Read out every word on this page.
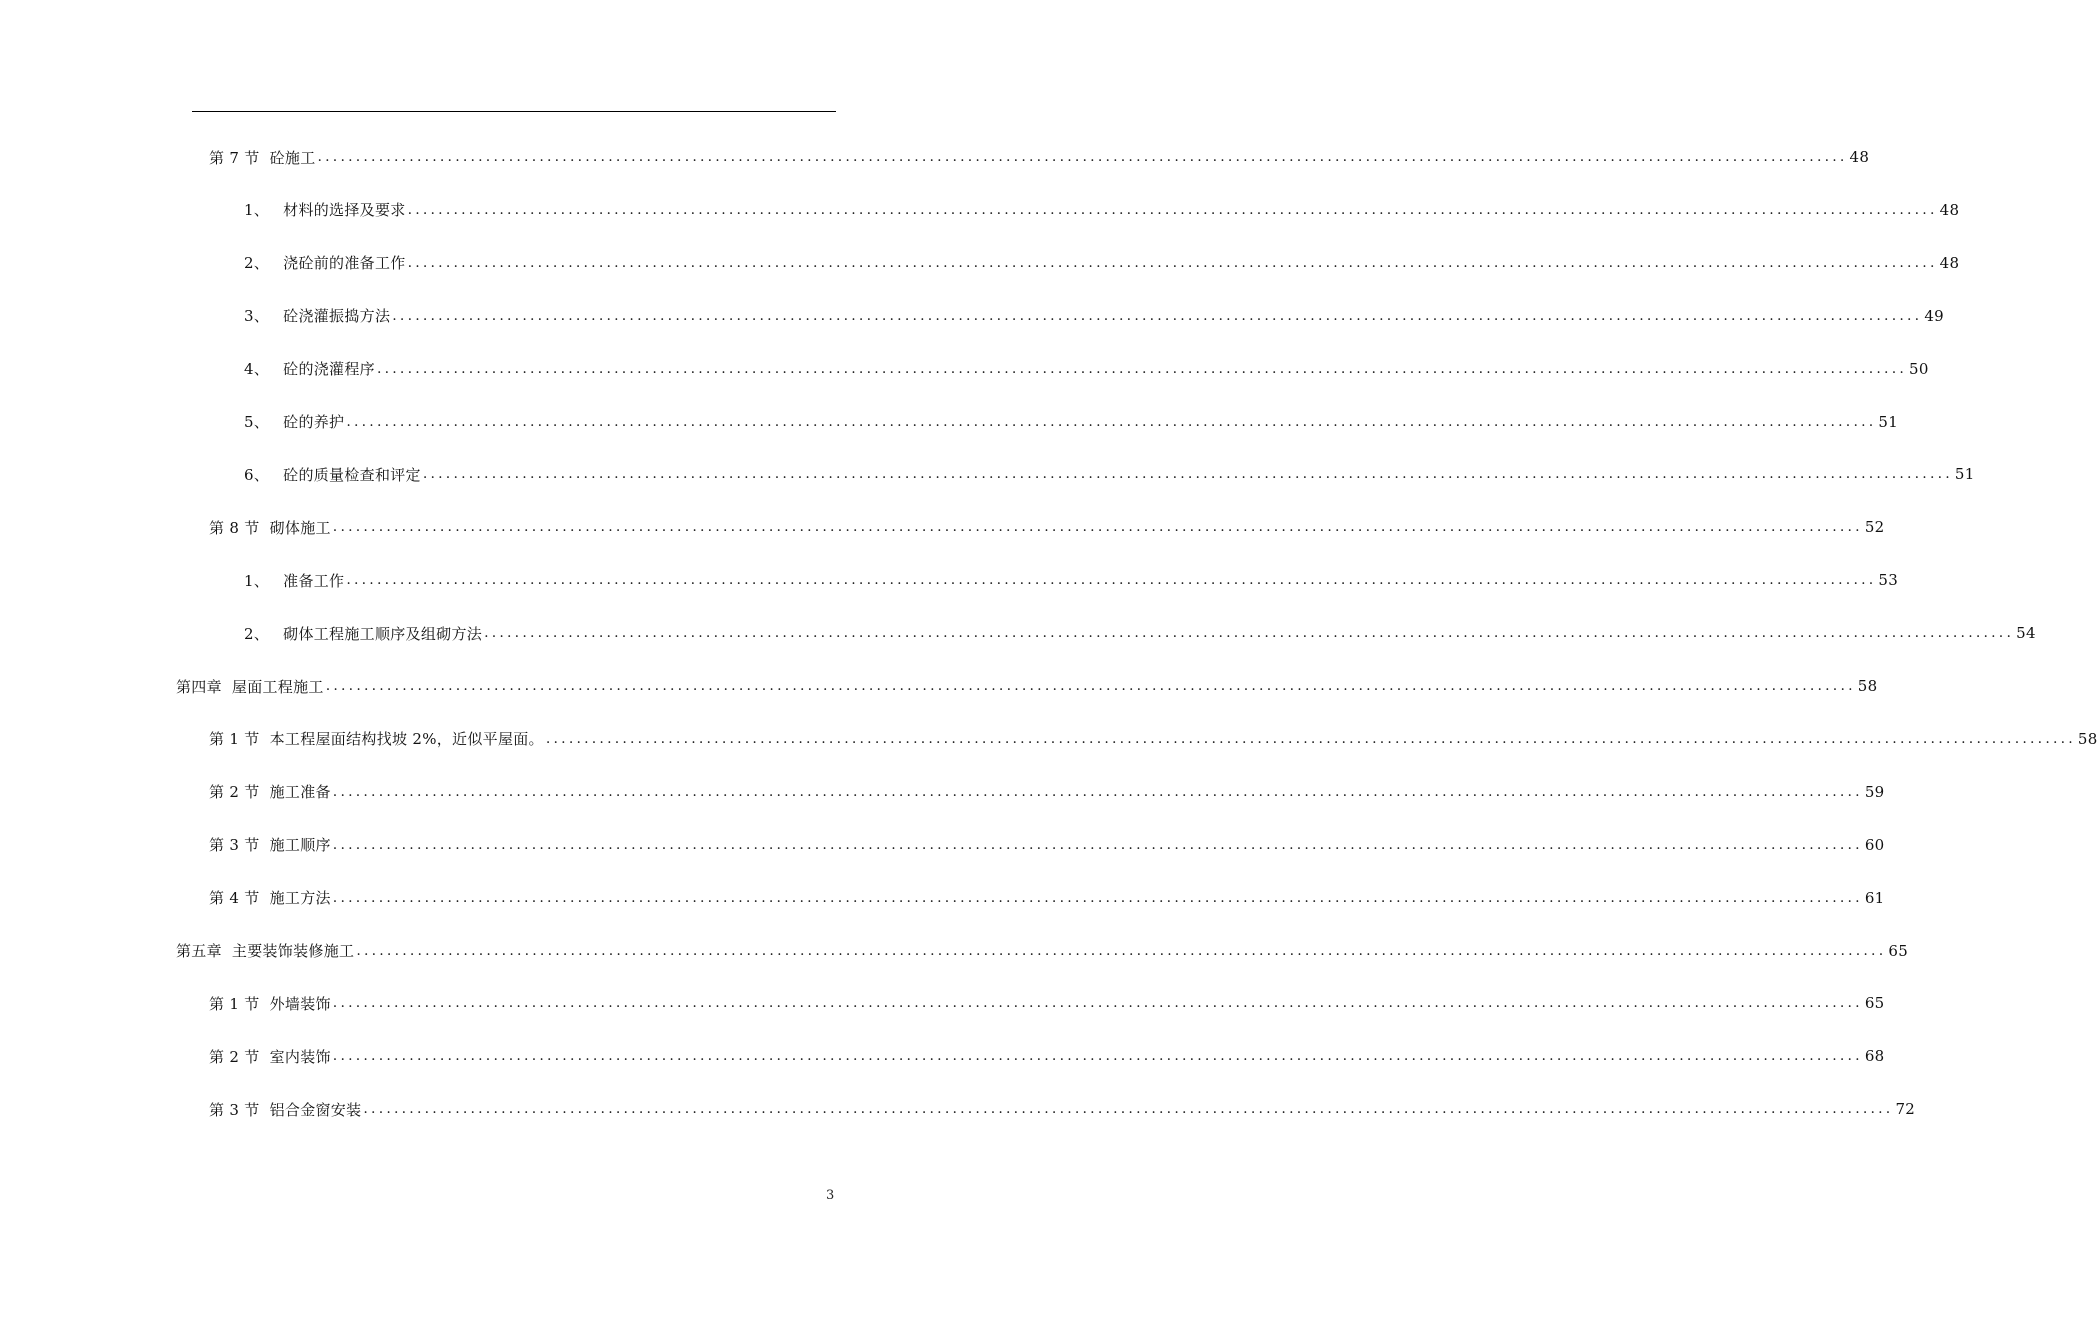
第 7 节 砼施工 ........................................................................................................................................................................................................ 48
1、 材料的选择及要求 ........................................................................................................................................................................................................ 48
2、 浇砼前的准备工作 ........................................................................................................................................................................................................ 48
3、 砼浇灌振捣方法 ........................................................................................................................................................................................................ 49
4、 砼的浇灌程序 ........................................................................................................................................................................................................ 50
5、 砼的养护 ........................................................................................................................................................................................................ 51
6、 砼的质量检查和评定 ........................................................................................................................................................................................................ 51
第 8 节 砌体施工 ........................................................................................................................................................................................................ 52
1、 准备工作 ........................................................................................................................................................................................................ 53
2、 砌体工程施工顺序及组砌方法 ........................................................................................................................................................................................................ 54
第四章 屋面工程施工 ........................................................................................................................................................................................................ 58
第 1 节 本工程屋面结构找坡 2%，近似平屋面。 ........................................................................................................................................................................................................ 58
第 2 节 施工准备 ........................................................................................................................................................................................................ 59
第 3 节 施工顺序 ........................................................................................................................................................................................................ 60
第 4 节 施工方法 ........................................................................................................................................................................................................ 61
第五章 主要装饰装修施工 ........................................................................................................................................................................................................ 65
第 1 节 外墙装饰 ........................................................................................................................................................................................................ 65
第 2 节 室内装饰 ........................................................................................................................................................................................................ 68
第 3 节 铝合金窗安装 ........................................................................................................................................................................................................ 72
3
